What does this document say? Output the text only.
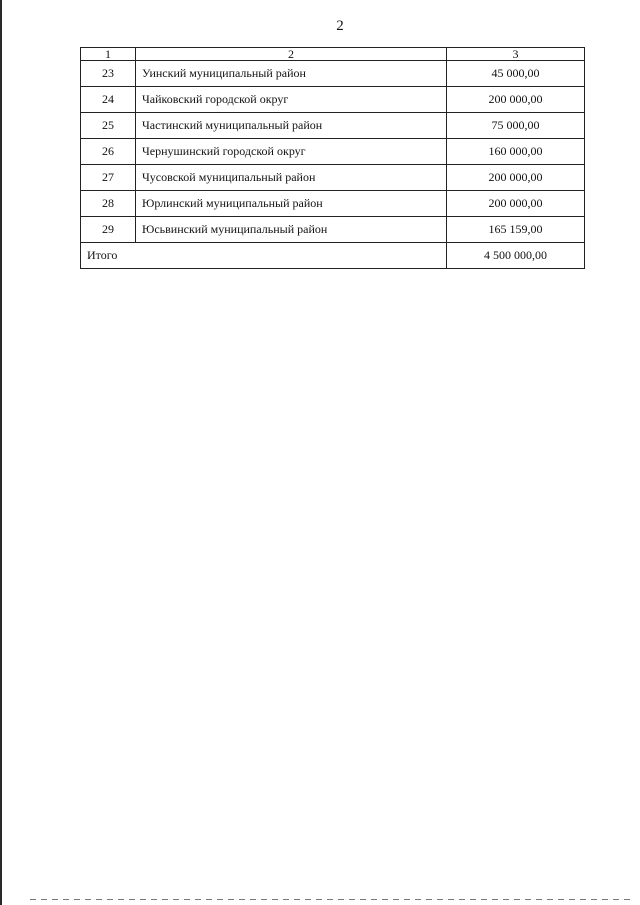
2
1	2	3
23	Уинский муниципальный район	45 000,00
24	Чайковский городской округ	200 000,00
25	Частинский муниципальный район	75 000,00
26	Чернушинский городской округ	160 000,00
27	Чусовской муниципальный район	200 000,00
28	Юрлинский муниципальный район	200 000,00
29	Юсьвинский муниципальный район	165 159,00
Итого		4 500 000,00
